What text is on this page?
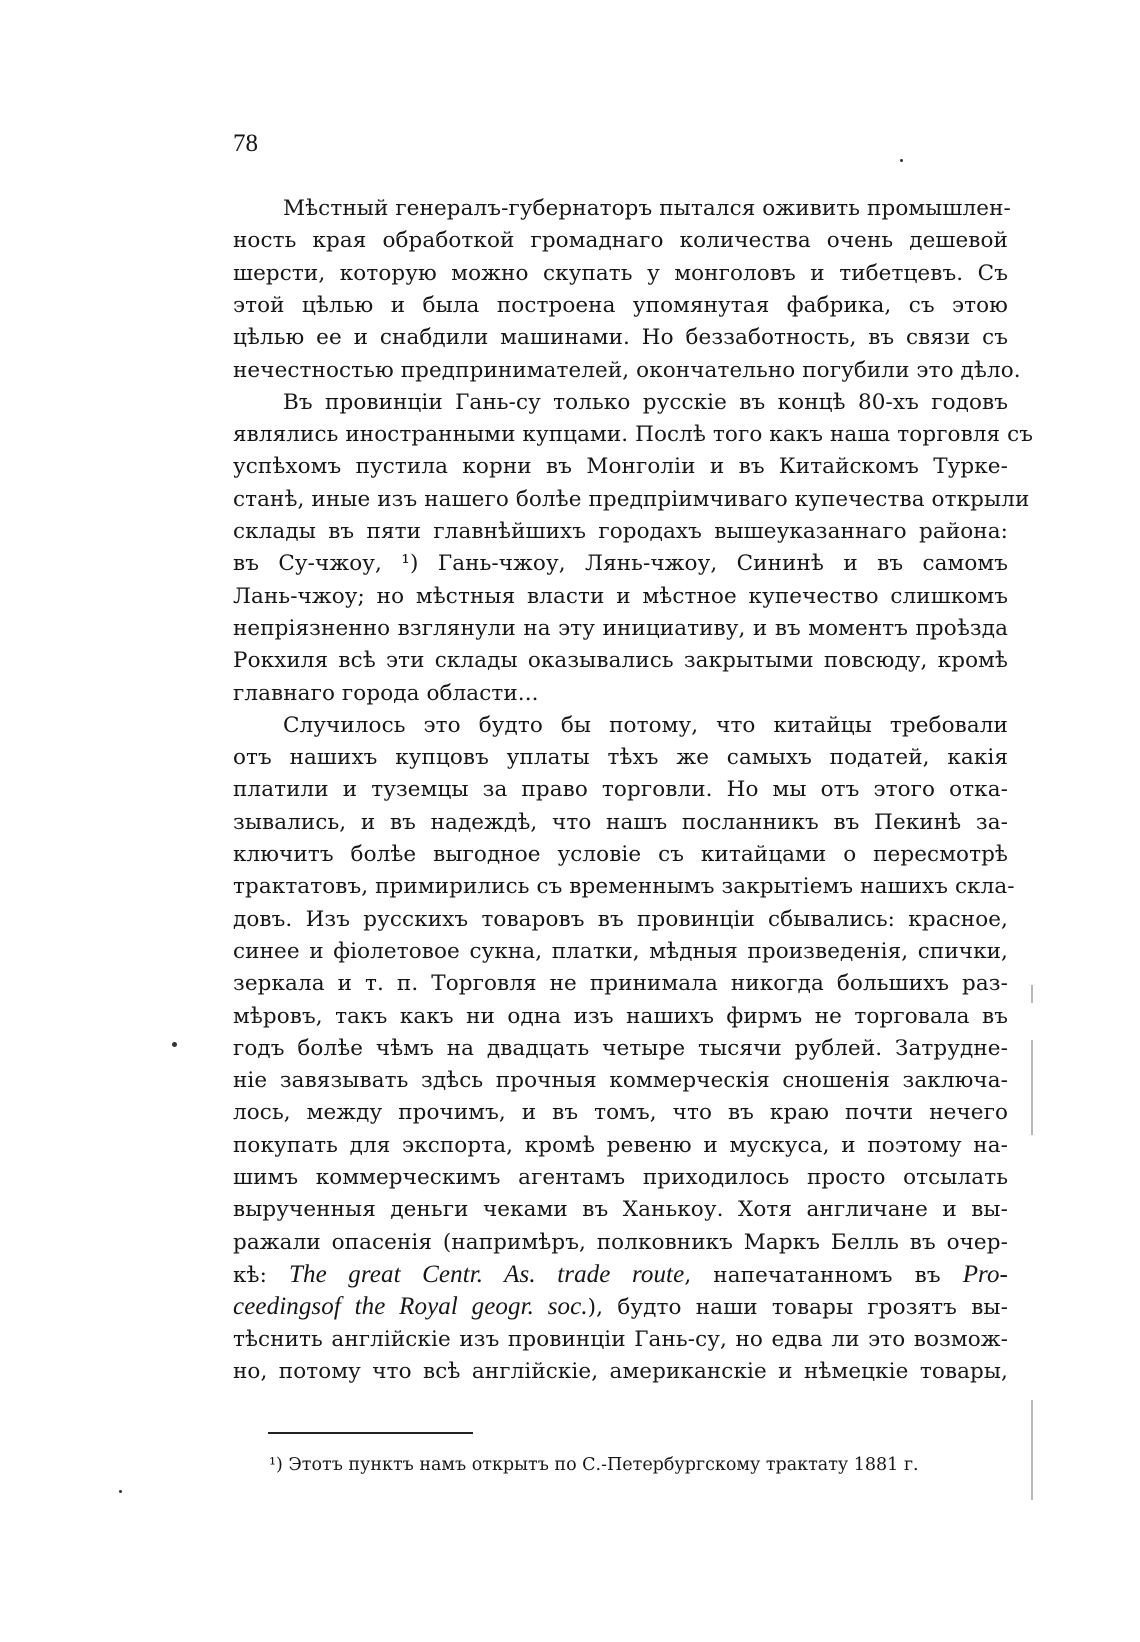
78
Мѣстный генералъ-губернаторъ пытался оживить промышлен-
ность края обработкой громаднаго количества очень дешевой
шерсти, которую можно скупать у монголовъ и тибетцевъ. Съ
этой цѣлью и была построена упомянутая фабрика, съ этою
цѣлью ее и снабдили машинами. Но беззаботность, въ связи съ
нечестностью предпринимателей, окончательно погубили это дѣло.
Въ провинціи Гань-су только русскіе въ концѣ 80-хъ годовъ
являлись иностранными купцами. Послѣ того какъ наша торговля съ
успѣхомъ пустила корни въ Монголіи и въ Китайскомъ Турке-
станѣ, иные изъ нашего болѣе предпріимчиваго купечества открыли
склады въ пяти главнѣйшихъ городахъ вышеуказаннаго района:
въ Су-чжоу, ¹) Гань-чжоу, Лянь-чжоу, Сининѣ и въ самомъ
Лань-чжоу; но мѣстныя власти и мѣстное купечество слишкомъ
непріязненно взглянули на эту инициативу, и въ моментъ проѣзда
Рокхиля всѣ эти склады оказывались закрытыми повсюду, кромѣ
главнаго города области...
Случилось это будто бы потому, что китайцы требовали
отъ нашихъ купцовъ уплаты тѣхъ же самыхъ податей, какія
платили и туземцы за право торговли. Но мы отъ этого отка-
зывались, и въ надеждѣ, что нашъ посланникъ въ Пекинѣ за-
ключитъ болѣе выгодное условіе съ китайцами о пересмотрѣ
трактатовъ, примирились съ временнымъ закрытіемъ нашихъ скла-
довъ. Изъ русскихъ товаровъ въ провинціи сбывались: красное,
синее и фіолетовое сукна, платки, мѣдныя произведенія, спички,
зеркала и т. п. Торговля не принимала никогда большихъ раз-
мѣровъ, такъ какъ ни одна изъ нашихъ фирмъ не торговала въ
годъ болѣе чѣмъ на двадцать четыре тысячи рублей. Затрудне-
ніе завязывать здѣсь прочныя коммерческія сношенія заключа-
лось, между прочимъ, и въ томъ, что въ краю почти нечего
покупать для экспорта, кромѣ ревеню и мускуса, и поэтому на-
шимъ коммерческимъ агентамъ приходилось просто отсылать
вырученныя деньги чеками въ Ханькоу. Хотя англичане и вы-
ражали опасенія (напримѣръ, полковникъ Маркъ Белль въ очер-
кѣ: The great Centr. As. trade route, напечатанномъ въ Pro-
ceedingsof the Royal geogr. soc.), будто наши товары грозятъ вы-
тѣснить англійскіе изъ провинціи Гань-су, но едва ли это возмож-
но, потому что всѣ англійскіе, американскіе и нѣмецкіе товары,
¹) Этотъ пунктъ намъ открытъ по С.-Петербургскому трактату 1881 г.
